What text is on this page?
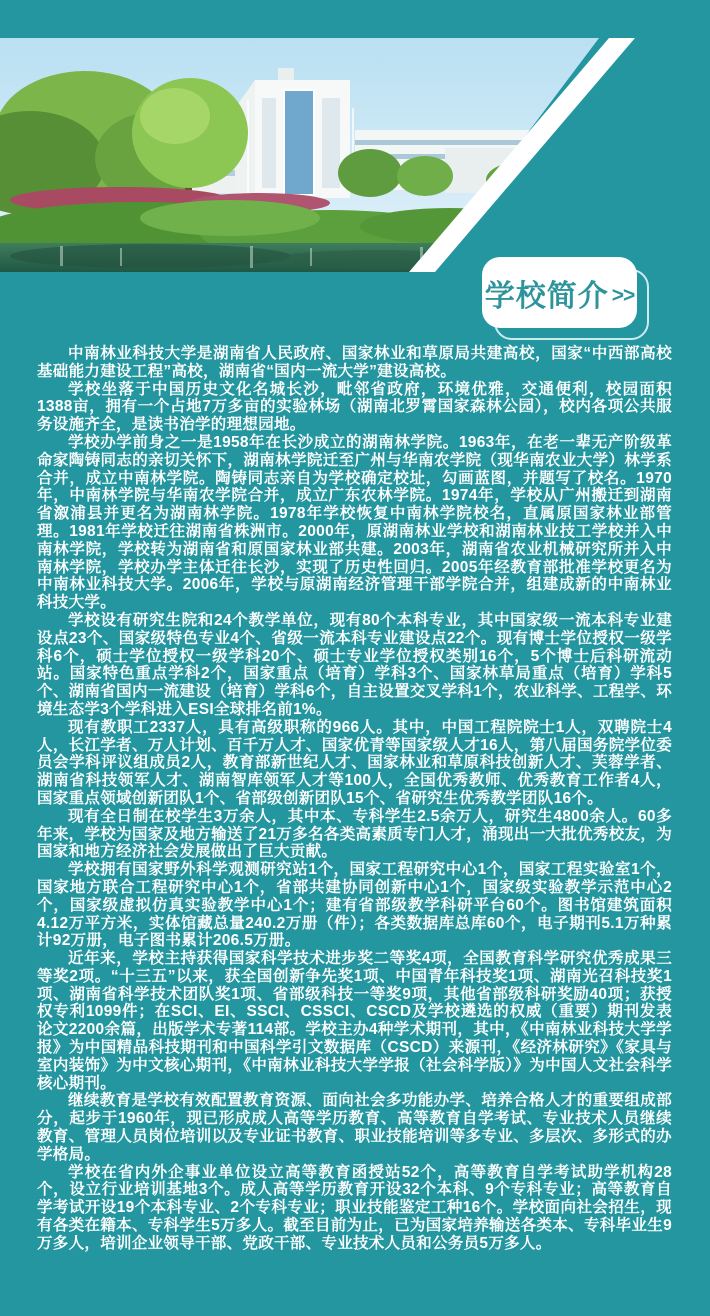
学校简介 >>

中南林业科技大学是湖南省人民政府、国家林业和草原局共建高校，国家“中西部高校基础能力建设工程”高校，湖南省“国内一流大学”建设高校。

学校坐落于中国历史文化名城长沙，毗邻省政府，环境优雅，交通便利，校园面积1388亩，拥有一个占地7万多亩的实验林场（湖南北罗霄国家森林公园），校内各项公共服务设施齐全，是读书治学的理想园地。

学校办学前身之一是1958年在长沙成立的湖南林学院。1963年，在老一辈无产阶级革命家陶铸同志的亲切关怀下，湖南林学院迁至广州与华南农学院（现华南农业大学）林学系合并，成立中南林学院。陶铸同志亲自为学校确定校址，勾画蓝图，并题写了校名。1970年，中南林学院与华南农学院合并，成立广东农林学院。1974年，学校从广州搬迁到湖南省溆浦县并更名为湖南林学院。1978年学校恢复中南林学院校名，直属原国家林业部管理。1981年学校迁往湖南省株洲市。2000年，原湖南林业学校和湖南林业技工学校并入中南林学院，学校转为湖南省和原国家林业部共建。2003年，湖南省农业机械研究所并入中南林学院，学校办学主体迁往长沙，实现了历史性回归。2005年经教育部批准学校更名为中南林业科技大学。2006年，学校与原湖南经济管理干部学院合并，组建成新的中南林业科技大学。

学校设有研究生院和24个教学单位，现有80个本科专业，其中国家级一流本科专业建设点23个、国家级特色专业4个、省级一流本科专业建设点22个。现有博士学位授权一级学科6个，硕士学位授权一级学科20个、硕士专业学位授权类别16个，5个博士后科研流动站。国家特色重点学科2个，国家重点（培育）学科3个、国家林草局重点（培育）学科5个、湖南省国内一流建设（培育）学科6个，自主设置交叉学科1个，农业科学、工程学、环境生态学3个学科进入ESI全球排名前1%。

现有教职工2337人，具有高级职称的966人。其中，中国工程院院士1人，双聘院士4人，长江学者、万人计划、百千万人才、国家优青等国家级人才16人，第八届国务院学位委员会学科评议组成员2人，教育部新世纪人才、国家林业和草原科技创新人才、芙蓉学者、湖南省科技领军人才、湖南智库领军人才等100人，全国优秀教师、优秀教育工作者4人，国家重点领域创新团队1个、省部级创新团队15个、省研究生优秀教学团队16个。

现有全日制在校学生3万余人，其中本、专科学生2.5余万人，研究生4800余人。60多年来，学校为国家及地方输送了21万多名各类高素质专门人才，涌现出一大批优秀校友，为国家和地方经济社会发展做出了巨大贡献。

学校拥有国家野外科学观测研究站1个，国家工程研究中心1个，国家工程实验室1个，国家地方联合工程研究中心1个，省部共建协同创新中心1个，国家级实验教学示范中心2个，国家级虚拟仿真实验教学中心1个；建有省部级教学科研平台60个。图书馆建筑面积4.12万平方米，实体馆藏总量240.2万册（件）；各类数据库总库60个，电子期刊5.1万种累计92万册，电子图书累计206.5万册。

近年来，学校主持获得国家科学技术进步奖二等奖4项，全国教育科学研究优秀成果三等奖2项。“十三五”以来，获全国创新争先奖1项、中国青年科技奖1项、湖南光召科技奖1项、湖南省科学技术团队奖1项、省部级科技一等奖9项，其他省部级科研奖励40项；获授权专利1099件；在SCI、EI、SSCI、CSSCI、CSCD及学校遴选的权威（重要）期刊发表论文2200余篇，出版学术专著114部。学校主办4种学术期刊，其中，《中南林业科技大学学报》为中国精品科技期刊和中国科学引文数据库（CSCD）来源刊，《经济林研究》《家具与室内装饰》为中文核心期刊，《中南林业科技大学学报（社会科学版）》为中国人文社会科学核心期刊。

继续教育是学校有效配置教育资源、面向社会多功能办学、培养合格人才的重要组成部分，起步于1960年，现已形成成人高等学历教育、高等教育自学考试、专业技术人员继续教育、管理人员岗位培训以及专业证书教育、职业技能培训等多专业、多层次、多形式的办学格局。

学校在省内外企事业单位设立高等教育函授站52个，高等教育自学考试助学机构28个，设立行业培训基地3个。成人高等学历教育开设32个本科、9个专科专业；高等教育自学考试开设19个本科专业、2个专科专业；职业技能鉴定工种16个。学校面向社会招生，现有各类在籍本、专科学生5万多人。截至目前为止，已为国家培养输送各类本、专科毕业生9万多人，培训企业领导干部、党政干部、专业技术人员和公务员5万多人。
